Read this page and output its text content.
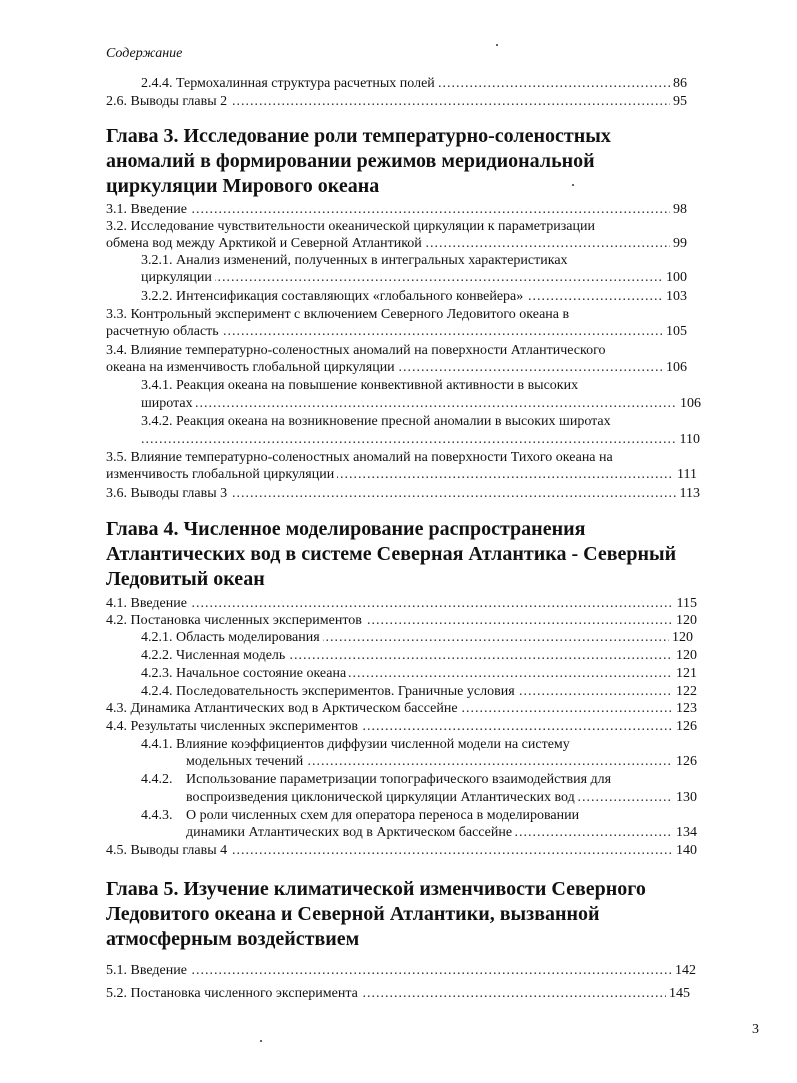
Содержание
2.4.4. Термохалинная структура расчетных полей	86
.....
2.6. Выводы главы 2	95
.....
Глава 3. Исследование роли температурно-соленостных
аномалий в формировании режимов меридиональной
циркуляции Мирового океана
3.1. Введение	98
.....
3.2. Исследование чувствительности океанической циркуляции к параметризации
обмена вод между Арктикой и Северной Атлантикой	99
.....
3.2.1. Анализ изменений, полученных в интегральных характеристиках
циркуляции	100
.....
3.2.2. Интенсификация составляющих «глобального конвейера»	103
.....
3.3. Контрольный эксперимент с включением Северного Ледовитого океана в
расчетную область	105
.....
3.4. Влияние температурно-соленостных аномалий на поверхности Атлантического
океана на изменчивость глобальной циркуляции	106
.....
3.4.1. Реакция океана на повышение конвективной активности в высоких
широтах	106
.....
3.4.2. Реакция океана на возникновение пресной аномалии в высоких широтах
110
.....
3.5. Влияние температурно-соленостных аномалий на поверхности Тихого океана на
изменчивость глобальной циркуляции	111
.....
3.6. Выводы главы 3	113
.....
Глава 4. Численное моделирование распространения
Атлантических вод в системе Северная Атлантика - Северный
Ледовитый океан
4.1. Введение	115
.....
4.2. Постановка численных экспериментов	120
.....
4.2.1. Область моделирования	120
.....
4.2.2. Численная модель	120
.....
4.2.3. Начальное состояние океана	121
.....
4.2.4. Последовательность экспериментов. Граничные условия	122
.....
4.3. Динамика Атлантических вод в Арктическом бассейне	123
.....
4.4. Результаты численных экспериментов	126
.....
4.4.1. Влияние коэффициентов диффузии численной модели на систему
модельных течений	126
.....
4.4.2. Использование параметризации топографического взаимодействия для
воспроизведения циклонической циркуляции Атлантических вод	130
.....
4.4.3. О роли численных схем для оператора переноса в моделировании
динамики Атлантических вод в Арктическом бассейне	134
.....
4.5. Выводы главы 4	140
.....
Глава 5. Изучение климатической изменчивости Северного
Ледовитого океана и Северной Атлантики, вызванной
атмосферным воздействием
5.1. Введение	142
.....
5.2. Постановка численного эксперимента	145
.....
3
